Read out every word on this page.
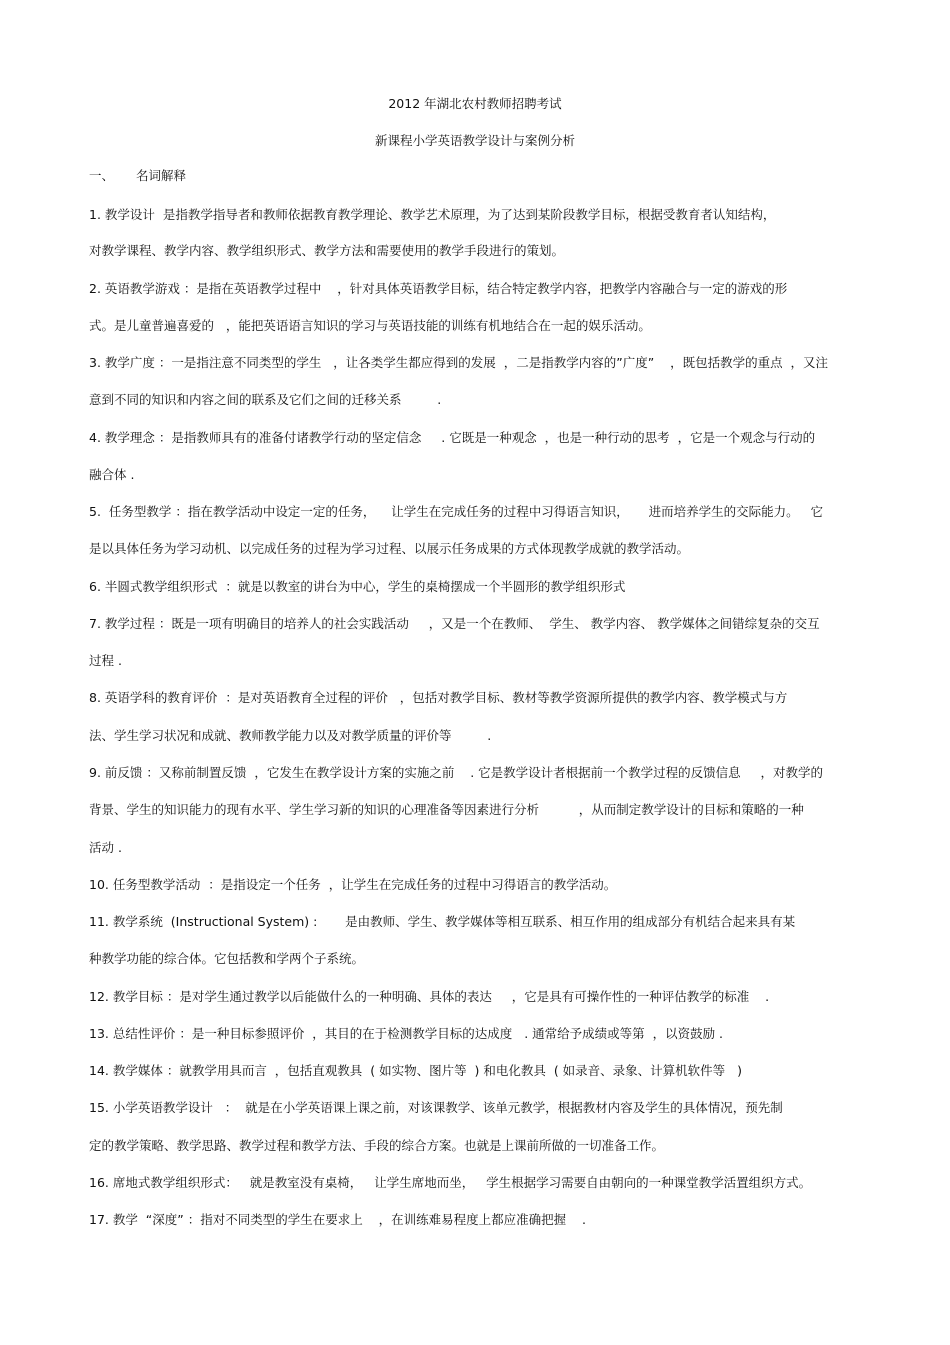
2012 年湖北农村教师招聘考试
新课程小学英语教学设计与案例分析
一、 名词解释
1. 教学设计  是指教学指导者和教师依据教育教学理论、教学艺术原理，为了达到某阶段教学目标，根据受教育者认知结构，
对教学课程、教学内容、教学组织形式、教学方法和需要使用的教学手段进行的策划。
2. 英语教学游戏 ：是指在英语教学过程中    ，针对具体英语教学目标，结合特定教学内容，把教学内容融合与一定的游戏的形
式。是儿童普遍喜爱的   ，能把英语语言知识的学习与英语技能的训练有机地结合在一起的娱乐活动。
3. 教学广度 ：一是指注意不同类型的学生   ，让各类学生都应得到的发展  ，二是指教学内容的”广度”    ，既包括教学的重点  ，又注
意到不同的知识和内容之间的联系及它们之间的迁移关系         .
4. 教学理念 ：是指教师具有的准备付诸教学行动的坚定信念     . 它既是一种观念  ，也是一种行动的思考  ，它是一个观念与行动的
融合体 .
5.  任务型教学 ：指在教学活动中设定一定的任务，    让学生在完成任务的过程中习得语言知识，     进而培养学生的交际能力。   它
是以具体任务为学习动机、以完成任务的过程为学习过程、以展示任务成果的方式体现教学成就的教学活动。
6. 半圆式教学组织形式  ：就是以教室的讲台为中心，学生的桌椅摆成一个半圆形的教学组织形式
7. 教学过程 ：既是一项有明确目的培养人的社会实践活动     ，又是一个在教师、  学生、 教学内容、 教学媒体之间错综复杂的交互
过程 .
8. 英语学科的教育评价  ：是对英语教育全过程的评价   ，包括对教学目标、教材等教学资源所提供的教学内容、教学模式与方
法、学生学习状况和成就、教师教学能力以及对教学质量的评价等         .
9. 前反馈 ：又称前制置反馈  ，它发生在教学设计方案的实施之前    . 它是教学设计者根据前一个教学过程的反馈信息     ，对教学的
背景、学生的知识能力的现有水平、学生学习新的知识的心理准备等因素进行分析          ，从而制定教学设计的目标和策略的一种
活动 .
10. 任务型教学活动  ：是指设定一个任务  ，让学生在完成任务的过程中习得语言的教学活动。
11. 教学系统  (Instructional System) :       是由教师、学生、教学媒体等相互联系、相互作用的组成部分有机结合起来具有某
种教学功能的综合体。它包括教和学两个子系统。
12. 教学目标 ：是对学生通过教学以后能做什么的一种明确、具体的表达     ，它是具有可操作性的一种评估教学的标准    .
13. 总结性评价 ：是一种目标参照评价  ，其目的在于检测教学目标的达成度   . 通常给予成绩或等第  ，以资鼓励 .
14. 教学媒体 ：就教学用具而言  ，包括直观教具  ( 如实物、图片等  ) 和电化教具  ( 如录音、录象、计算机软件等   )
15. 小学英语教学设计   ：  就是在小学英语课上课之前，对该课教学、该单元教学，根据教材内容及学生的具体情况，预先制
定的教学策略、教学思路、教学过程和教学方法、手段的综合方案。也就是上课前所做的一切准备工作。
16. 席地式教学组织形式：   就是教室没有桌椅，   让学生席地而坐，   学生根据学习需要自由朝向的一种课堂教学活置组织方式。
17. 教学  “深度” ：指对不同类型的学生在要求上    ，在训练难易程度上都应准确把握    .
